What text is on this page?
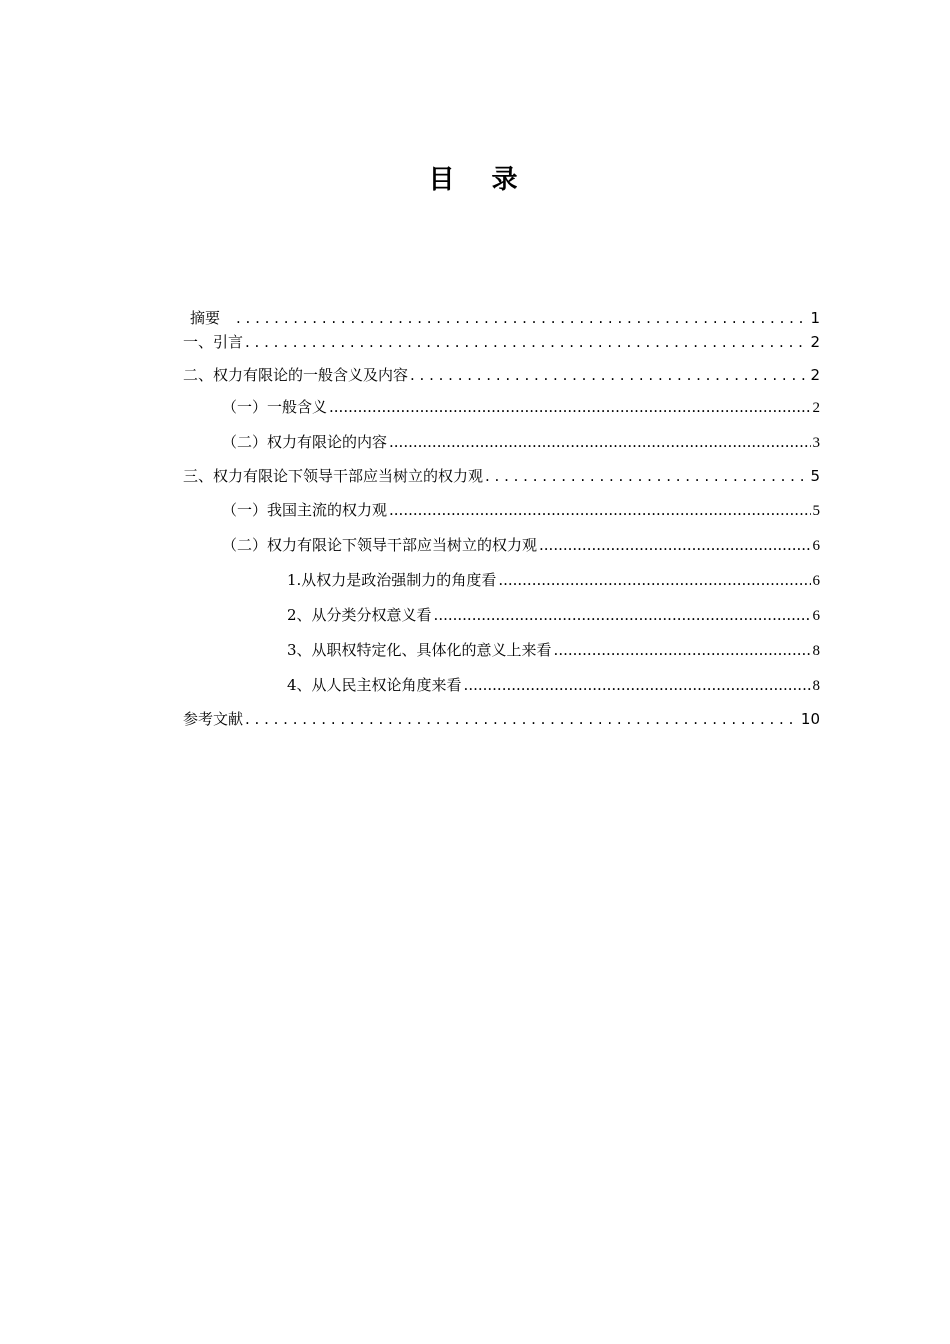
目 录
摘要 . . .	1
一、引言 . . .	2
二、权力有限论的一般含义及内容 . . .	2
（一）一般含义 .....	2
（二）权力有限论的内容 .....	3
三、权力有限论下领导干部应当树立的权力观 . . .	5
（一）我国主流的权力观 .....	5
（二）权力有限论下领导干部应当树立的权力观 .....	6
1.从权力是政治强制力的角度看 .....	6
2、从分类分权意义看 .....	6
3、从职权特定化、具体化的意义上来看 .....	8
4、从人民主权论角度来看 .....	8
参考文献 . . .	10
